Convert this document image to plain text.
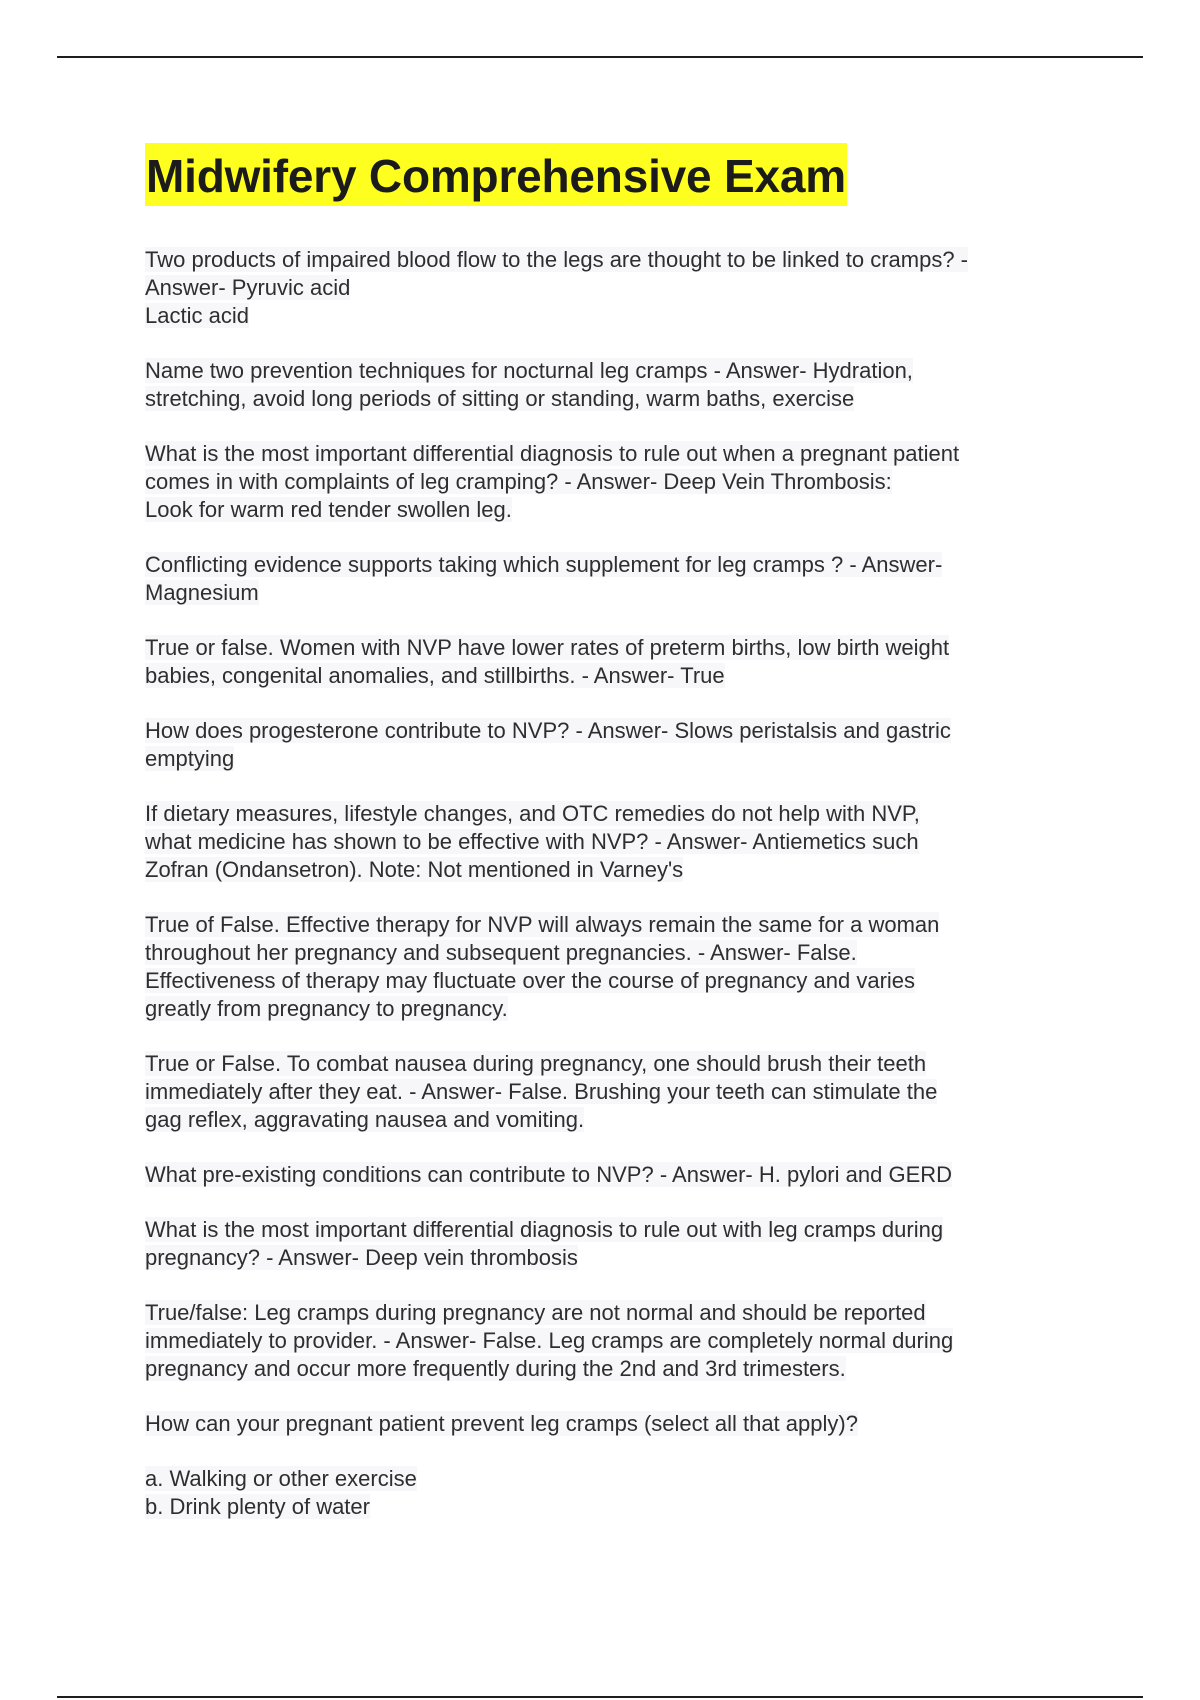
Midwifery Comprehensive Exam
Two products of impaired blood flow to the legs are thought to be linked to cramps? -
Answer- Pyruvic acid
Lactic acid
Name two prevention techniques for nocturnal leg cramps - Answer- Hydration,
stretching, avoid long periods of sitting or standing, warm baths, exercise
What is the most important differential diagnosis to rule out when a pregnant patient
comes in with complaints of leg cramping? - Answer- Deep Vein Thrombosis:
Look for warm red tender swollen leg.
Conflicting evidence supports taking which supplement for leg cramps ? - Answer-
Magnesium
True or false. Women with NVP have lower rates of preterm births, low birth weight
babies, congenital anomalies, and stillbirths. - Answer- True
How does progesterone contribute to NVP? - Answer- Slows peristalsis and gastric
emptying
If dietary measures, lifestyle changes, and OTC remedies do not help with NVP,
what medicine has shown to be effective with NVP? - Answer- Antiemetics such
Zofran (Ondansetron). Note: Not mentioned in Varney's
True of False. Effective therapy for NVP will always remain the same for a woman
throughout her pregnancy and subsequent pregnancies. - Answer- False.
Effectiveness of therapy may fluctuate over the course of pregnancy and varies
greatly from pregnancy to pregnancy.
True or False. To combat nausea during pregnancy, one should brush their teeth
immediately after they eat. - Answer- False. Brushing your teeth can stimulate the
gag reflex, aggravating nausea and vomiting.
What pre-existing conditions can contribute to NVP? - Answer- H. pylori and GERD
What is the most important differential diagnosis to rule out with leg cramps during
pregnancy? - Answer- Deep vein thrombosis
True/false: Leg cramps during pregnancy are not normal and should be reported
immediately to provider. - Answer- False. Leg cramps are completely normal during
pregnancy and occur more frequently during the 2nd and 3rd trimesters.
How can your pregnant patient prevent leg cramps (select all that apply)?
a. Walking or other exercise
b. Drink plenty of water
